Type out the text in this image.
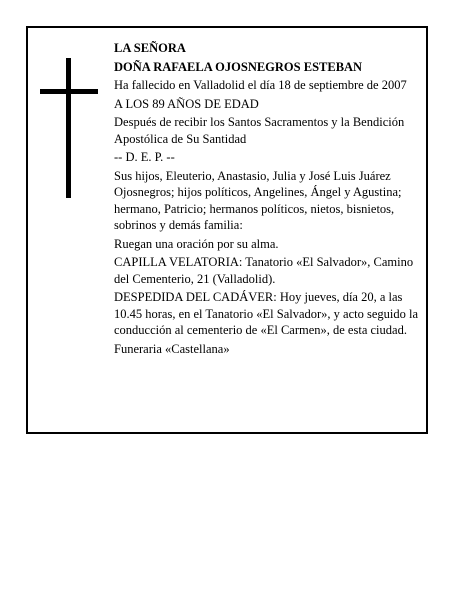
LA SEÑORA

DOÑA RAFAELA OJOSNEGROS ESTEBAN

Ha fallecido en Valladolid el día 18 de septiembre de 2007

A LOS 89 AÑOS DE EDAD

Después de recibir los Santos Sacramentos y la Bendición Apostólica de Su Santidad

-- D. E. P. --

Sus hijos, Eleuterio, Anastasio, Julia y José Luis Juárez Ojosnegros; hijos políticos, Angelines, Ángel y Agustina; hermano, Patricio; hermanos políticos, nietos, bisnietos, sobrinos y demás familia:

Ruegan una oración por su alma.

CAPILLA VELATORIA: Tanatorio «El Salvador», Camino del Cementerio, 21 (Valladolid).

DESPEDIDA DEL CADÁVER: Hoy jueves, día 20, a las 10.45 horas, en el Tanatorio «El Salvador», y acto seguido la conducción al cementerio de «El Carmen», de esta ciudad.

Funeraria «Castellana»
